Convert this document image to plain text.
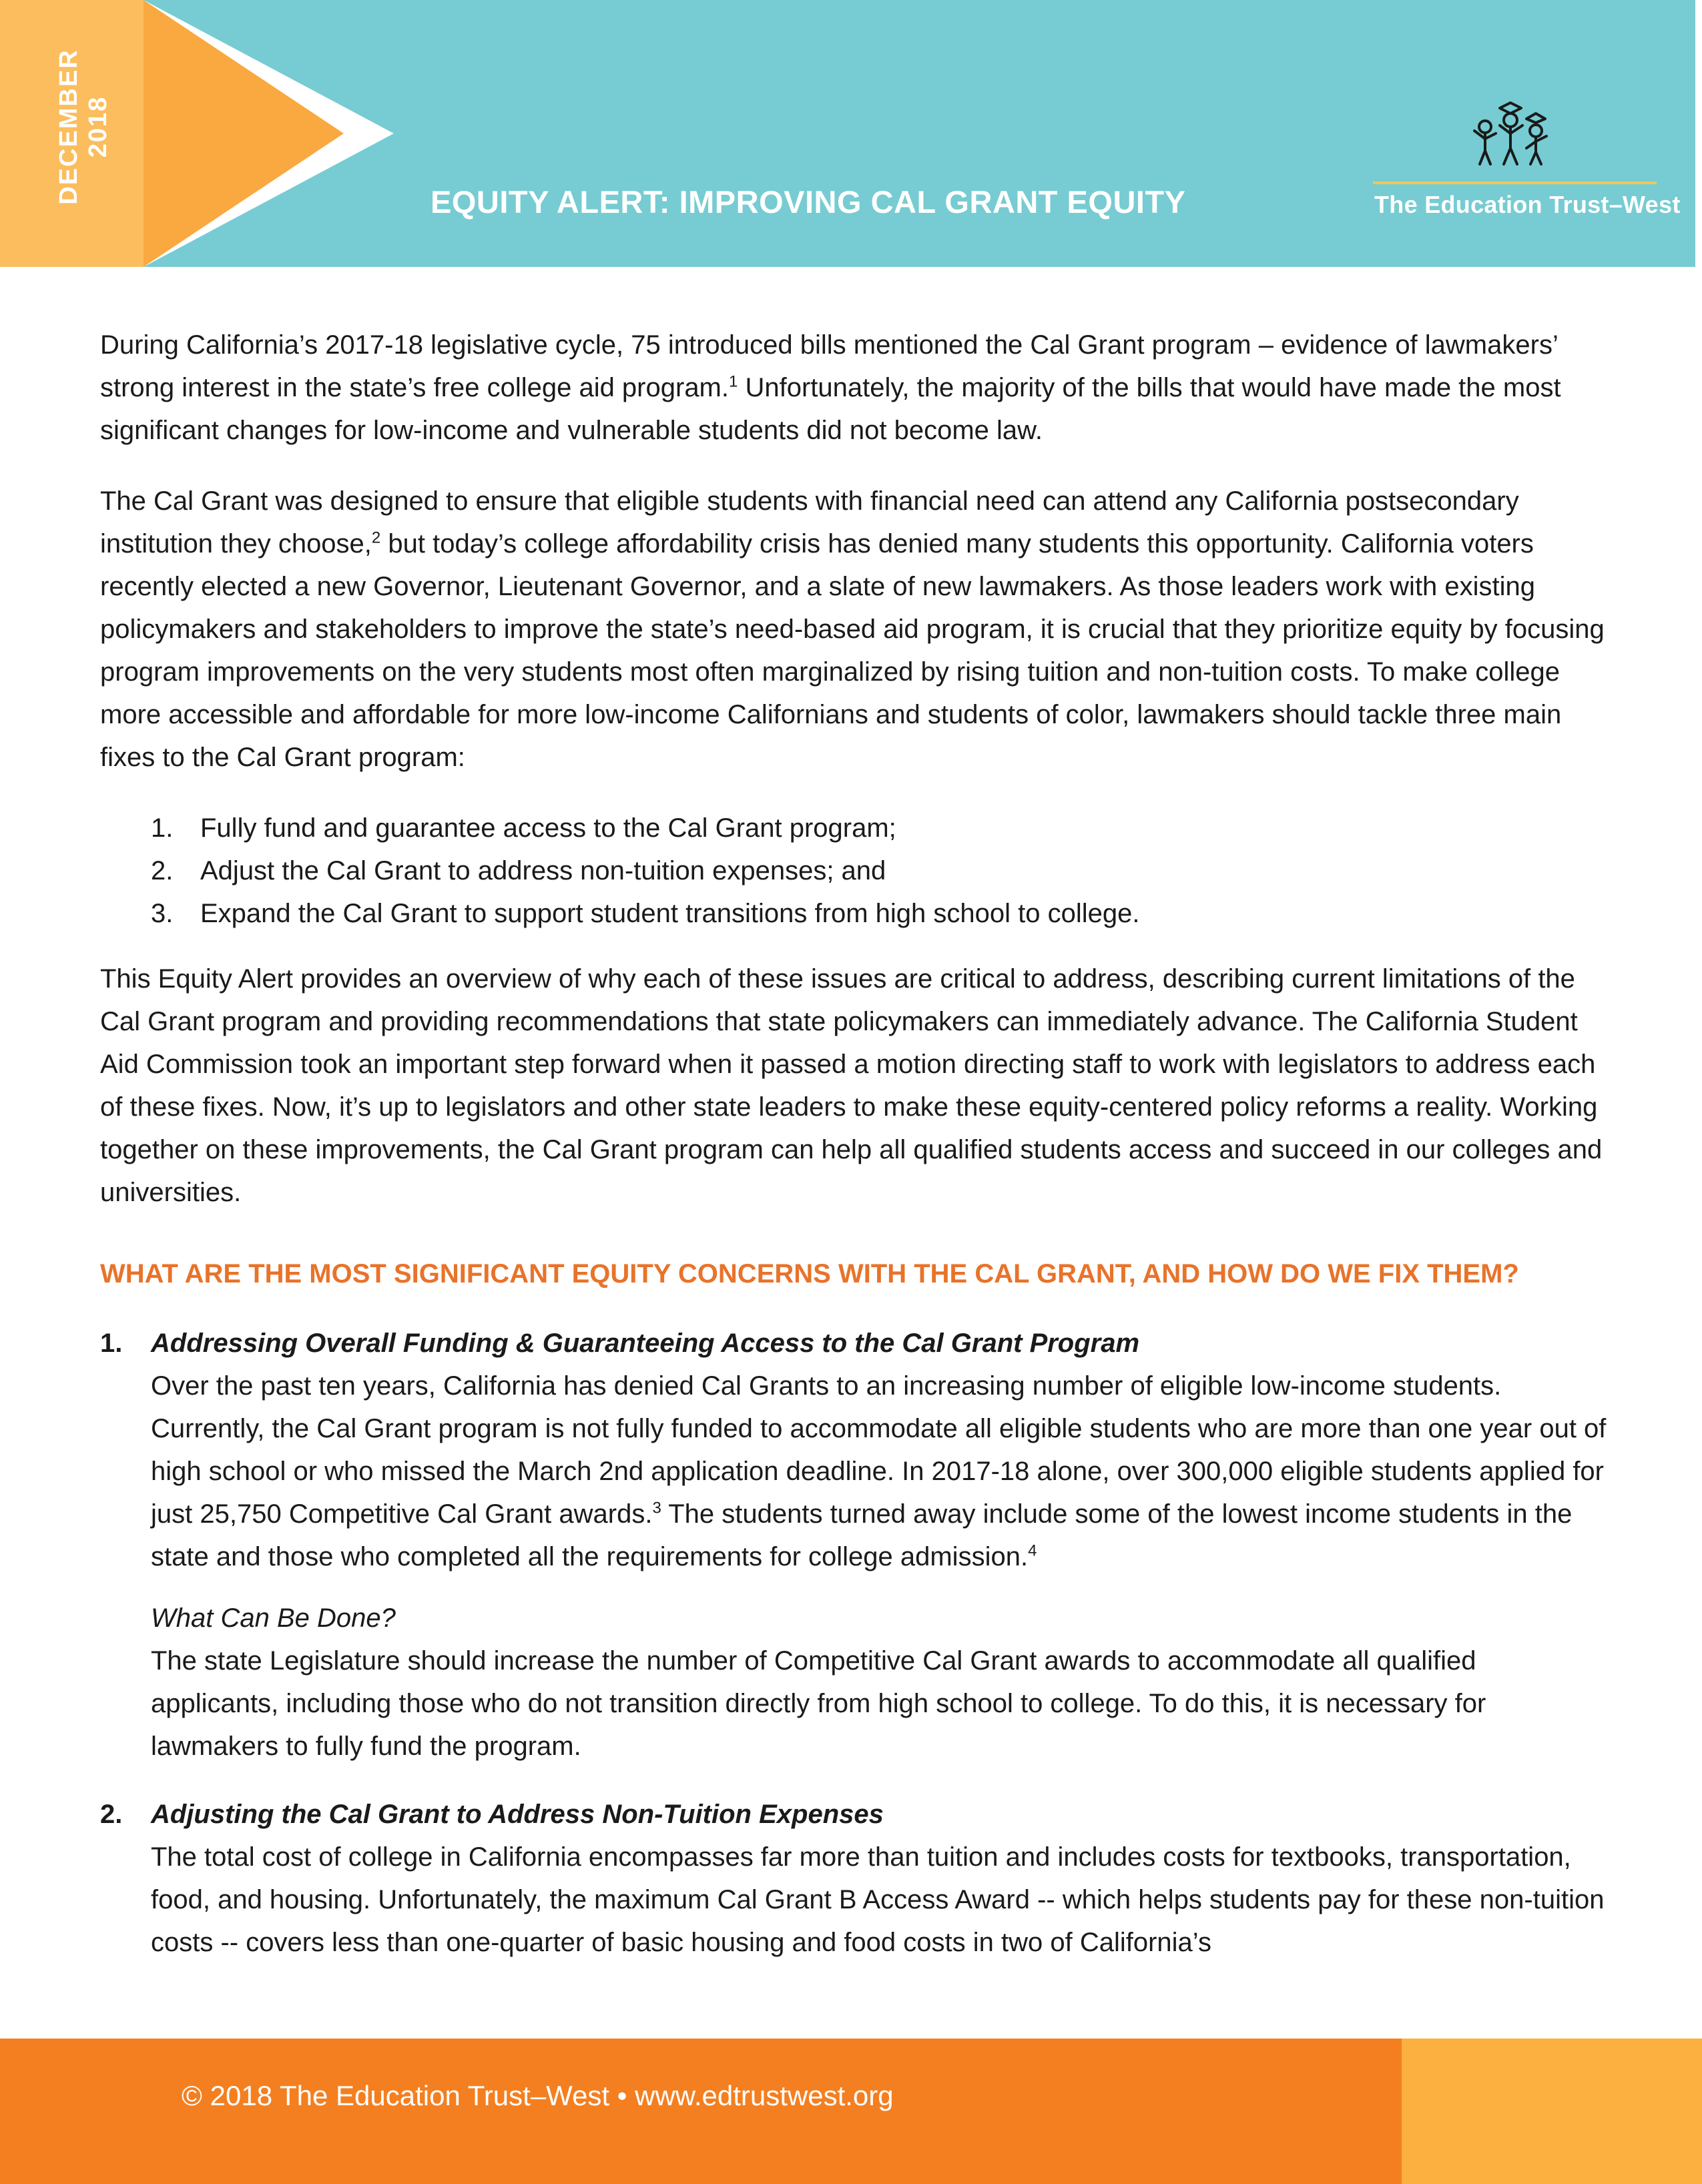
DECEMBER 2018
EQUITY ALERT: IMPROVING CAL GRANT EQUITY	The Education Trust–West

During California’s 2017-18 legislative cycle, 75 introduced bills mentioned the Cal Grant program – evidence of lawmakers’ strong interest in the state’s free college aid program.$^1$ Unfortunately, the majority of the bills that would have made the most significant changes for low-income and vulnerable students did not become law.

The Cal Grant was designed to ensure that eligible students with financial need can attend any California postsecondary institution they choose,$^2$ but today’s college affordability crisis has denied many students this opportunity. California voters recently elected a new Governor, Lieutenant Governor, and a slate of new lawmakers. As those leaders work with existing policymakers and stakeholders to improve the state’s need-based aid program, it is crucial that they prioritize equity by focusing program improvements on the very students most often marginalized by rising tuition and non-tuition costs. To make college more accessible and affordable for more low-income Californians and students of color, lawmakers should tackle three main fixes to the Cal Grant program:

1. Fully fund and guarantee access to the Cal Grant program;
2. Adjust the Cal Grant to address non-tuition expenses; and
3. Expand the Cal Grant to support student transitions from high school to college.

This Equity Alert provides an overview of why each of these issues are critical to address, describing current limitations of the Cal Grant program and providing recommendations that state policymakers can immediately advance. The California Student Aid Commission took an important step forward when it passed a motion directing staff to work with legislators to address each of these fixes. Now, it’s up to legislators and other state leaders to make these equity-centered policy reforms a reality. Working together on these improvements, the Cal Grant program can help all qualified students access and succeed in our colleges and universities.

WHAT ARE THE MOST SIGNIFICANT EQUITY CONCERNS WITH THE CAL GRANT, AND HOW DO WE FIX THEM?

1. Addressing Overall Funding & Guaranteeing Access to the Cal Grant Program

Over the past ten years, California has denied Cal Grants to an increasing number of eligible low-income students. Currently, the Cal Grant program is not fully funded to accommodate all eligible students who are more than one year out of high school or who missed the March 2nd application deadline. In 2017-18 alone, over 300,000 eligible students applied for just 25,750 Competitive Cal Grant awards.$^3$ The students turned away include some of the lowest income students in the state and those who completed all the requirements for college admission.$^4$

What Can Be Done?

The state Legislature should increase the number of Competitive Cal Grant awards to accommodate all qualified applicants, including those who do not transition directly from high school to college. To do this, it is necessary for lawmakers to fully fund the program.

2. Adjusting the Cal Grant to Address Non-Tuition Expenses

The total cost of college in California encompasses far more than tuition and includes costs for textbooks, transportation, food, and housing. Unfortunately, the maximum Cal Grant B Access Award -- which helps students pay for these non-tuition costs -- covers less than one-quarter of basic housing and food costs in two of California’s

© 2018 The Education Trust–West • www.edtrustwest.org
